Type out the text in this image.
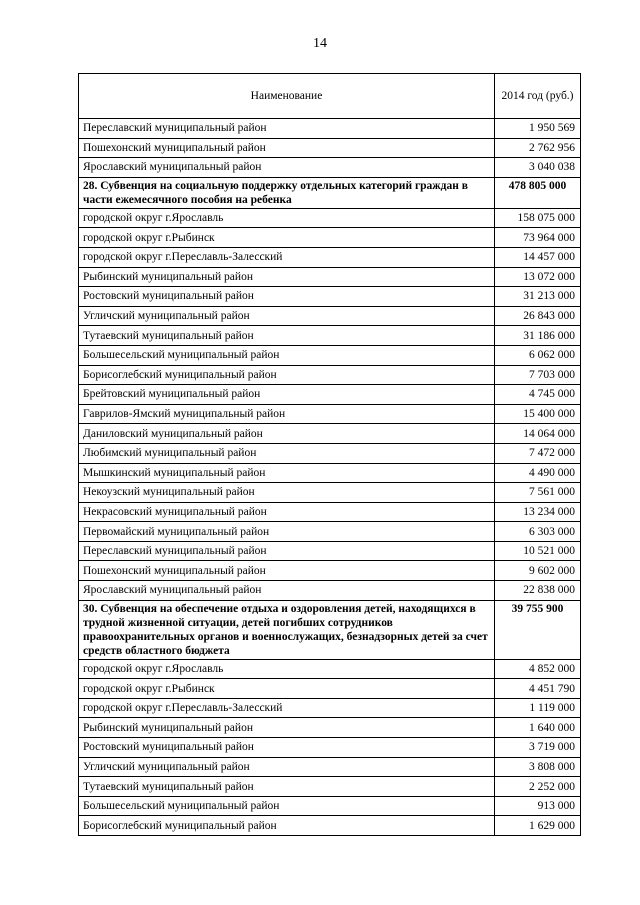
14
Наименование	2014 год (руб.)
Переславский муниципальный район	1 950 569
Пошехонский муниципальный район	2 762 956
Ярославский муниципальный район	3 040 038
28. Субвенция на социальную поддержку отдельных категорий граждан в части ежемесячного пособия на ребенка	478 805 000
городской округ г.Ярославль	158 075 000
городской округ г.Рыбинск	73 964 000
городской округ г.Переславль-Залесский	14 457 000
Рыбинский муниципальный район	13 072 000
Ростовский муниципальный район	31 213 000
Угличский муниципальный район	26 843 000
Тутаевский муниципальный район	31 186 000
Большесельский муниципальный район	6 062 000
Борисоглебский муниципальный район	7 703 000
Брейтовский муниципальный район	4 745 000
Гаврилов-Ямский муниципальный район	15 400 000
Даниловский муниципальный район	14 064 000
Любимский муниципальный район	7 472 000
Мышкинский муниципальный район	4 490 000
Некоузский муниципальный район	7 561 000
Некрасовский муниципальный район	13 234 000
Первомайский муниципальный район	6 303 000
Переславский муниципальный район	10 521 000
Пошехонский муниципальный район	9 602 000
Ярославский муниципальный район	22 838 000
30. Субвенция на обеспечение отдыха и оздоровления детей, находящихся в трудной жизненной ситуации, детей погибших сотрудников правоохранительных органов и военнослужащих, безнадзорных детей за счет средств областного бюджета	39 755 900
городской округ г.Ярославль	4 852 000
городской округ г.Рыбинск	4 451 790
городской округ г.Переславль-Залесский	1 119 000
Рыбинский муниципальный район	1 640 000
Ростовский муниципальный район	3 719 000
Угличский муниципальный район	3 808 000
Тутаевский муниципальный район	2 252 000
Большесельский муниципальный район	913 000
Борисоглебский муниципальный район	1 629 000
